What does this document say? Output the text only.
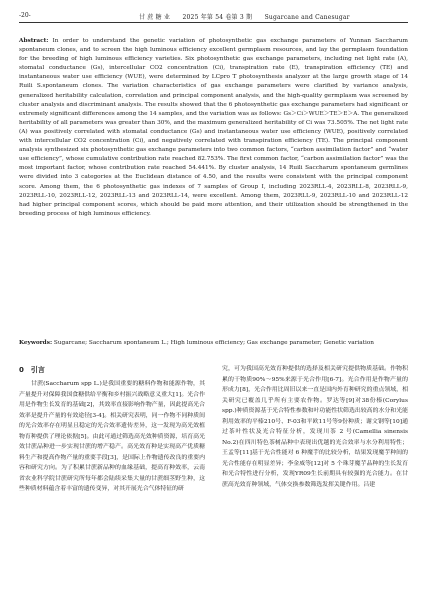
-20-	甘 蔗 糖 业　　2025 年第 54 卷第 3 期　　Sugarcane and Canesugar

Abstract: In order to understand the genetic variation of photosynthetic gas exchange parameters of Yunnan Saccharum spontaneum clones, and to screen the high luminous efficiency excellent germplasm resources, and lay the germplasm foundation for the breeding of high luminous efficiency varieties. Six photosynthetic gas exchange parameters, including net light rate (A), stomatal conductance (Gs), intercellular CO2 concentration (Ci), transpiration rate (E), transpiration efficiency (TE) and instantaneous water use efficiency (WUE), were determined by LCpro T photosynthesis analyzer at the large growth stage of 14 Ruili S.spontaneum clones. The variation characteristics of gas exchange parameters were clarified by variance analysis, generalized heritability calculation, correlation and principal component analysis, and the high-quality germplasm was screened by cluster analysis and discriminant analysis. The results showed that the 6 photosynthetic gas exchange parameters had significant or extremely significant differences among the 14 samples, and the variation was as follows: Gs＞Ci＞WUE＞TE＞E＞A. The generalized heritability of all parameters was greater than 30%, and the maximum generalized heritability of Ci was 73.505%. The net light rate (A) was positively correlated with stomatal conductance (Gs) and instantaneous water use efficiency (WUE), positively correlated with intercellular CO2 concentration (Ci), and negatively correlated with transpiration efficiency (TE). The principal component analysis synthesized six photosynthetic gas exchange parameters into two common factors, “carbon assimilation factor” and “water use efficiency”, whose cumulative contribution rate reached 82.753%. The first common factor, “carbon assimilation factor” was the most important factor, whose contribution rate reached 54.441%. By cluster analysis, 14 Ruili Saccharum spontaneum germlines were divided into 3 categories at the Euclidean distance of 4.50, and the results were consistent with the principal component score. Among them, the 6 photosynthetic gas indexes of 7 samples of Group I, including 2023RLL-4, 2023RLL-8, 2023RLL-9, 2023RLL-10, 2023RLL-12, 2023RLL-13 and 2023RLL-14, were excellent. Among them, 2023RLL-9, 2023RLL-10 and 2023RLL-12 had higher principal component scores, which should be paid more attention, and their utilization should be strengthened in the breeding process of high luminous efficiency.

Keywords: Sugarcane; Saccharum spontaneum L.; High luminous efficiency; Gas exchange parameter; Genetic variation

0　引言

甘蔗(Saccharum spp L.)是我国重要的糖料作物和能源作物，其产量提升对保障我国食糖供给平衡和乡村振兴战略意义重大[1]。光合作用是作物生长发育的基础[2]，其效率直接影响作物产量，因此提高光合效率是提升产量的有效途径[3-4]。相关研究表明，同一作物不同种质间的光合效率存在明显且稳定的光合效率遗传差异，这一发现为高光效植物育种提供了理论依据[5]。由此可通过筛选高光效种质资源，培育高光效甘蔗品种进一步实现甘蔗的增产稳产。高光效育种是实现高产优质糖料生产和提高作物产量的重要手段[3]，是国际上作物遗传改良的重要内容和研究方向。为了积累甘蔗新品种的血缘基础，提高育种效率，云南省农业科学院甘蔗研究所每年都会陆续采集大量的甘蔗细茎野生种，这些种质材料蕴含着丰富的遗传变异，对其开展光合气体特征的研

究，可为我国高光效育种提供的选择及相关研究提供物质基础。作物积累的干物质90%～95%来源于光合作用[6-7]。光合作用是作物产量的形成力[8]，光合作用比周旧以来一直是国内外育种研究的重点领域，相关研究已覆盖几乎所有主要农作物。罗达等[9]对38份榛(Corylus spp.)种质资源基于光合特性参数和叶功能性状筛选出较高的水分和光能利用效率的平榛210号、F-03和平欧11号等9份种质；谢文钢等[10]通过茶叶性状及光合特征分析，发现川茶 2 号(Camellia sinensis No.2)在四川特色茶树品种中表现出优越的光合效率与水分利用特性；王孟等[11]基于光合性能对 6 种魔芋的比较分析，结果发现魔芋种间的光合性能存在明显差异；李金威等[12]对 5 个珠芽魔芋品种的生长发育和光合特性进行分析，发现YR09生长前期具有较强的光合能力。在甘蔗高光效育种领域，气体交换参数筛选发挥关键作用。吕建
